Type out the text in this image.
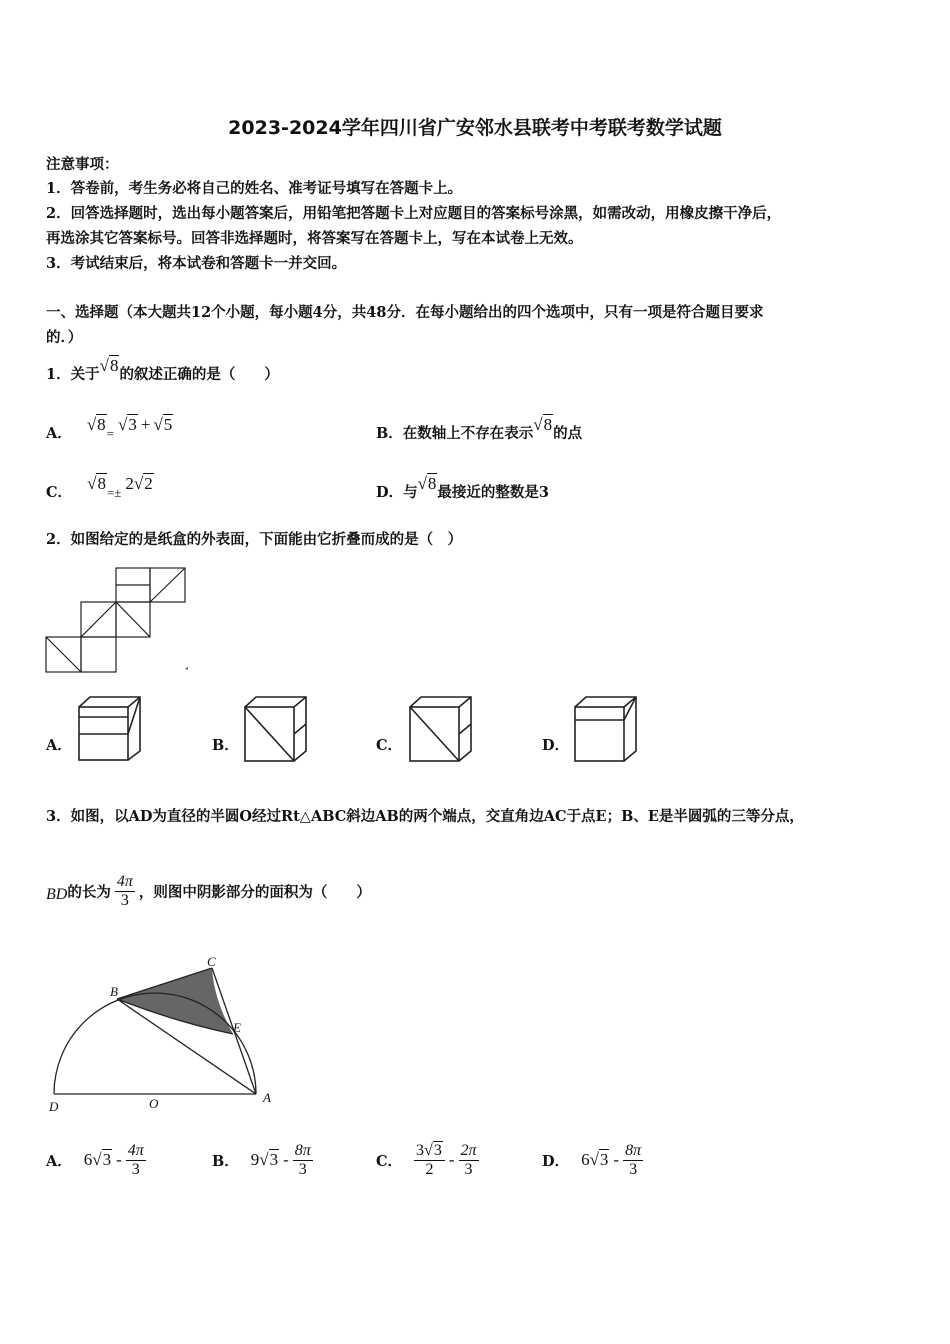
2023-2024学年四川省广安邻水县联考中考联考数学试题
注意事项：
1．答卷前，考生务必将自己的姓名、准考证号填写在答题卡上。
2．回答选择题时，选出每小题答案后，用铅笔把答题卡上对应题目的答案标号涂黑，如需改动，用橡皮擦干净后，
再选涂其它答案标号。回答非选择题时，将答案写在答题卡上，写在本试卷上无效。
3．考试结束后，将本试卷和答题卡一并交回。
一、选择题（本大题共12个小题，每小题4分，共48分．在每小题给出的四个选项中，只有一项是符合题目要求
的．）
1．关于√8的叙述正确的是（　　）
A． √8= √3 + √5	B．在数轴上不存在表示√8的点
C． √8=± 2√2	D．与√8最接近的整数是3
2．如图给定的是纸盒的外表面，下面能由它折叠而成的是（　）
◂
A．	B．	C．	D．
3．如图，以AD为直径的半圆O经过Rt△ABC斜边AB的两个端点，交直角边AC于点E；B、E是半圆弧的三等分点，
BD 的长为 $\frac{4\pi}{3}$ ，则图中阴影部分的面积为（　　）
B
C
E
D	O	A
A． 6 $√3 - \frac{4\pi}{3}$	B． 9 $√3 - \frac{8\pi}{3}$	C． $\frac{3√3}{2} - \frac{2\pi}{3}$	D． 6 $√3 - \frac{8\pi}{3}$
